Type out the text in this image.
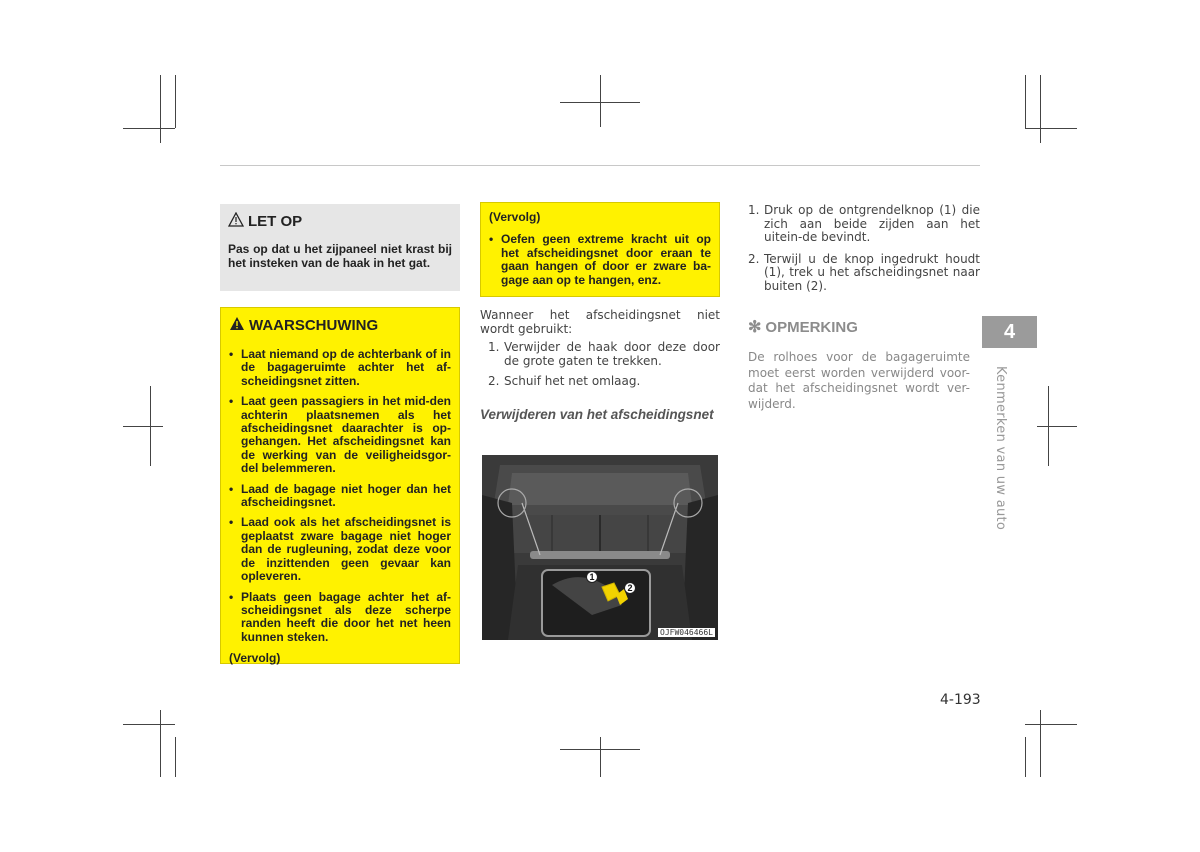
LET OP
Pas op dat u het zijpaneel niet krast bij het insteken van de haak in het gat.
WAARSCHUWING
• Laat niemand op de achterbank of in de bagageruimte achter het af-scheidingsnet zitten.
• Laat geen passagiers in het mid-den achterin plaatsnemen als het afscheidingsnet daarachter is op-gehangen. Het afscheidingsnet kan de werking van de veiligheidsgor-del belemmeren.
• Laad de bagage niet hoger dan het afscheidingsnet.
• Laad ook als het afscheidingsnet is geplaatst zware bagage niet hoger dan de rugleuning, zodat deze voor de inzittenden geen gevaar kan opleveren.
• Plaats geen bagage achter het af-scheidingsnet als deze scherpe randen heeft die door het net heen kunnen steken.
(Vervolg)
(Vervolg)
• Oefen geen extreme kracht uit op het afscheidingsnet door eraan te gaan hangen of door er zware ba-gage aan op te hangen, enz.
Wanneer het afscheidingsnet niet wordt gebruikt:
1. Verwijder de haak door deze door de grote gaten te trekken.
2. Schuif het net omlaag.
Verwijderen van het afscheidingsnet
1
2
OJFW046466L
1. Druk op de ontgrendelknop (1) die zich aan beide zijden aan het uitein-de bevindt.
2. Terwijl u de knop ingedrukt houdt (1), trek u het afscheidingsnet naar buiten (2).
✻ OPMERKING
De rolhoes voor de bagageruimte moet eerst worden verwijderd voor-dat het afscheidingsnet wordt ver-wijderd.
4
Kenmerken van uw auto
4-193
